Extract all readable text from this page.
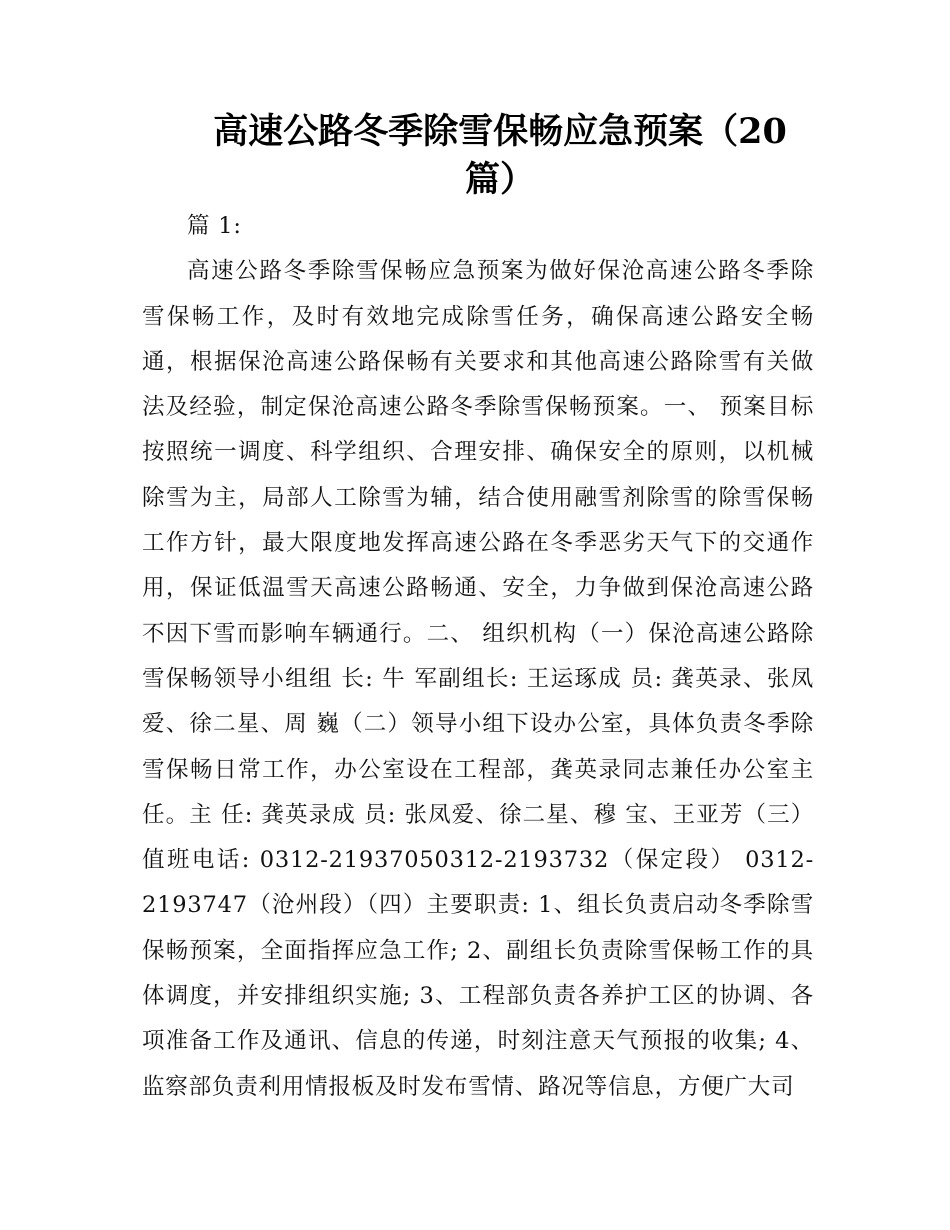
高速公路冬季除雪保畅应急预案（20篇）

篇 1:

高速公路冬季除雪保畅应急预案为做好保沧高速公路冬季除雪保畅工作，及时有效地完成除雪任务，确保高速公路安全畅通，根据保沧高速公路保畅有关要求和其他高速公路除雪有关做法及经验，制定保沧高速公路冬季除雪保畅预案。一、 预案目标按照统一调度、科学组织、合理安排、确保安全的原则，以机械除雪为主，局部人工除雪为辅，结合使用融雪剂除雪的除雪保畅工作方针，最大限度地发挥高速公路在冬季恶劣天气下的交通作用，保证低温雪天高速公路畅通、安全，力争做到保沧高速公路不因下雪而影响车辆通行。二、 组织机构（一）保沧高速公路除雪保畅领导小组组 长: 牛 军副组长: 王运琢成 员: 龚英录、张凤爱、徐二星、周 巍（二）领导小组下设办公室，具体负责冬季除雪保畅日常工作，办公室设在工程部，龚英录同志兼任办公室主任。主 任: 龚英录成 员: 张凤爱、徐二星、穆 宝、王亚芳（三）值班电话: 0312-21937050312-2193732（保定段） 0312-2193747（沧州段）（四）主要职责: 1、组长负责启动冬季除雪保畅预案，全面指挥应急工作; 2、副组长负责除雪保畅工作的具体调度，并安排组织实施; 3、工程部负责各养护工区的协调、各项准备工作及通讯、信息的传递，时刻注意天气预报的收集; 4、监察部负责利用情报板及时发布雪情、路况等信息，方便广大司
